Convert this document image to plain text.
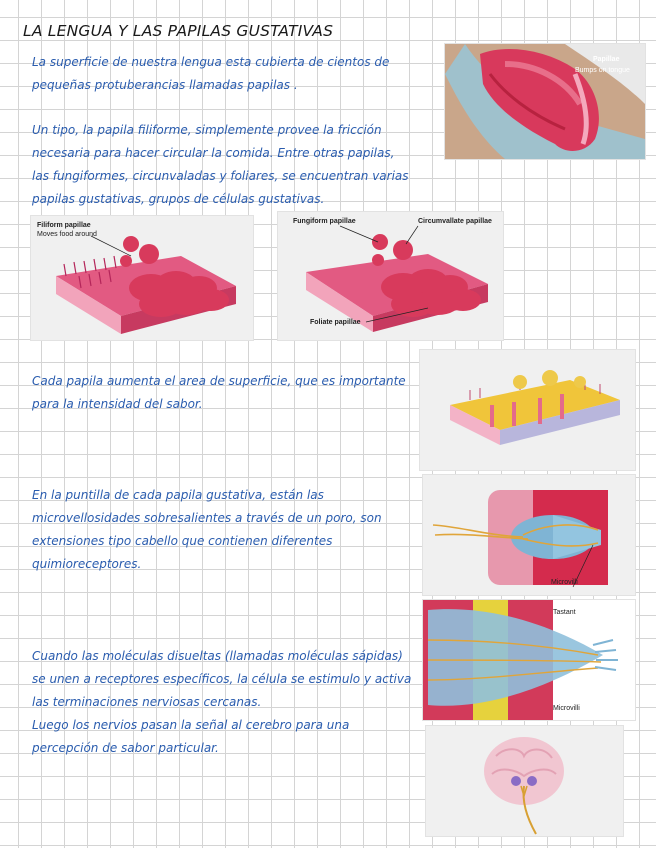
LA LENGUA Y LAS PAPILAS GUSTATIVAS

La superficie de nuestra lengua esta cubierta de cientos de
pequeñas protuberancias llamadas papilas .

Un tipo, la papila filiforme, simplemente provee la fricción
necesaria para hacer circular la comida. Entre otras papilas,
las fungiformes, circunvaladas y foliares, se encuentran varias
papilas gustativas, grupos de células gustativas.

Cada papila aumenta el area de superficie, que es importante
para la intensidad del sabor.

En la puntilla de cada papila gustativa, están las
microvellosidades sobresalientes a través de un poro, son
extensiones tipo cabello que contienen diferentes
quimioreceptores.

Cuando las moléculas disueltas (llamadas moléculas sápidas)
se unen a receptores específicos, la célula se estimulo y activa
las terminaciones nerviosas cercanas.
Luego los nervios pasan la señal al cerebro para una
percepción de sabor particular.

Papillae
Bumps on tongue
Filiform papillae
Moves food around
Fungiform papillae	Circumvallate papillae
Foliate papillae
Microvilli
Tastant
Microvilli
